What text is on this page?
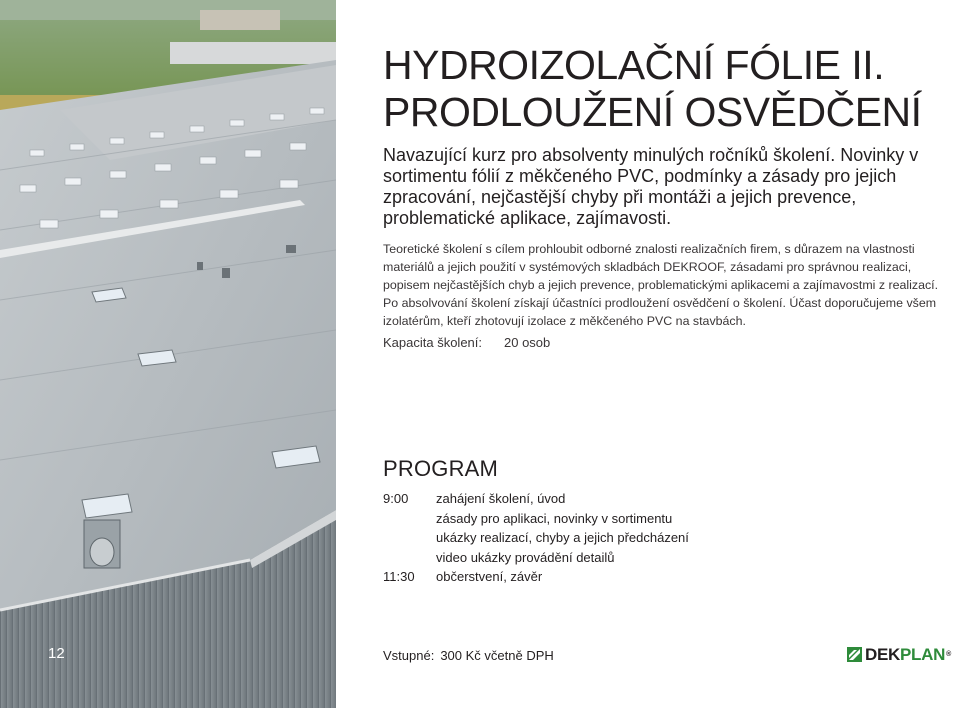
12
HYDROIZOLAČNÍ FÓLIE II.
PRODLOUŽENÍ OSVĚDČENÍ

Navazující kurz pro absolventy minulých ročníků školení. Novinky v sortimentu fólií z měkčeného PVC, podmínky a zásady pro jejich zpracování, nejčastější chyby při montáži a jejich prevence, problematické aplikace, zajímavosti.

Teoretické školení s cílem prohloubit odborné znalosti realizačních firem, s důrazem na vlastnosti materiálů a jejich použití v systémových skladbách DEKROOF, zásadami pro správnou realizaci, popisem nejčastějších chyb a jejich prevence, problematickými aplikacemi a zajímavostmi z realizací. Po absolvování školení získají účastníci prodloužení osvědčení o školení. Účast doporučujeme všem izolatérům, kteří zhotovují izolace z měkčeného PVC na stavbách.

Kapacita školení: 20 osob
PROGRAM
9:00 zahájení školení, úvod
zásady pro aplikaci, novinky v sortimentu
ukázky realizací, chyby a jejich předcházení
video ukázky provádění detailů
11:30 občerstvení, závěr
Vstupné: 300 Kč včetně DPH	DEKPLAN®
